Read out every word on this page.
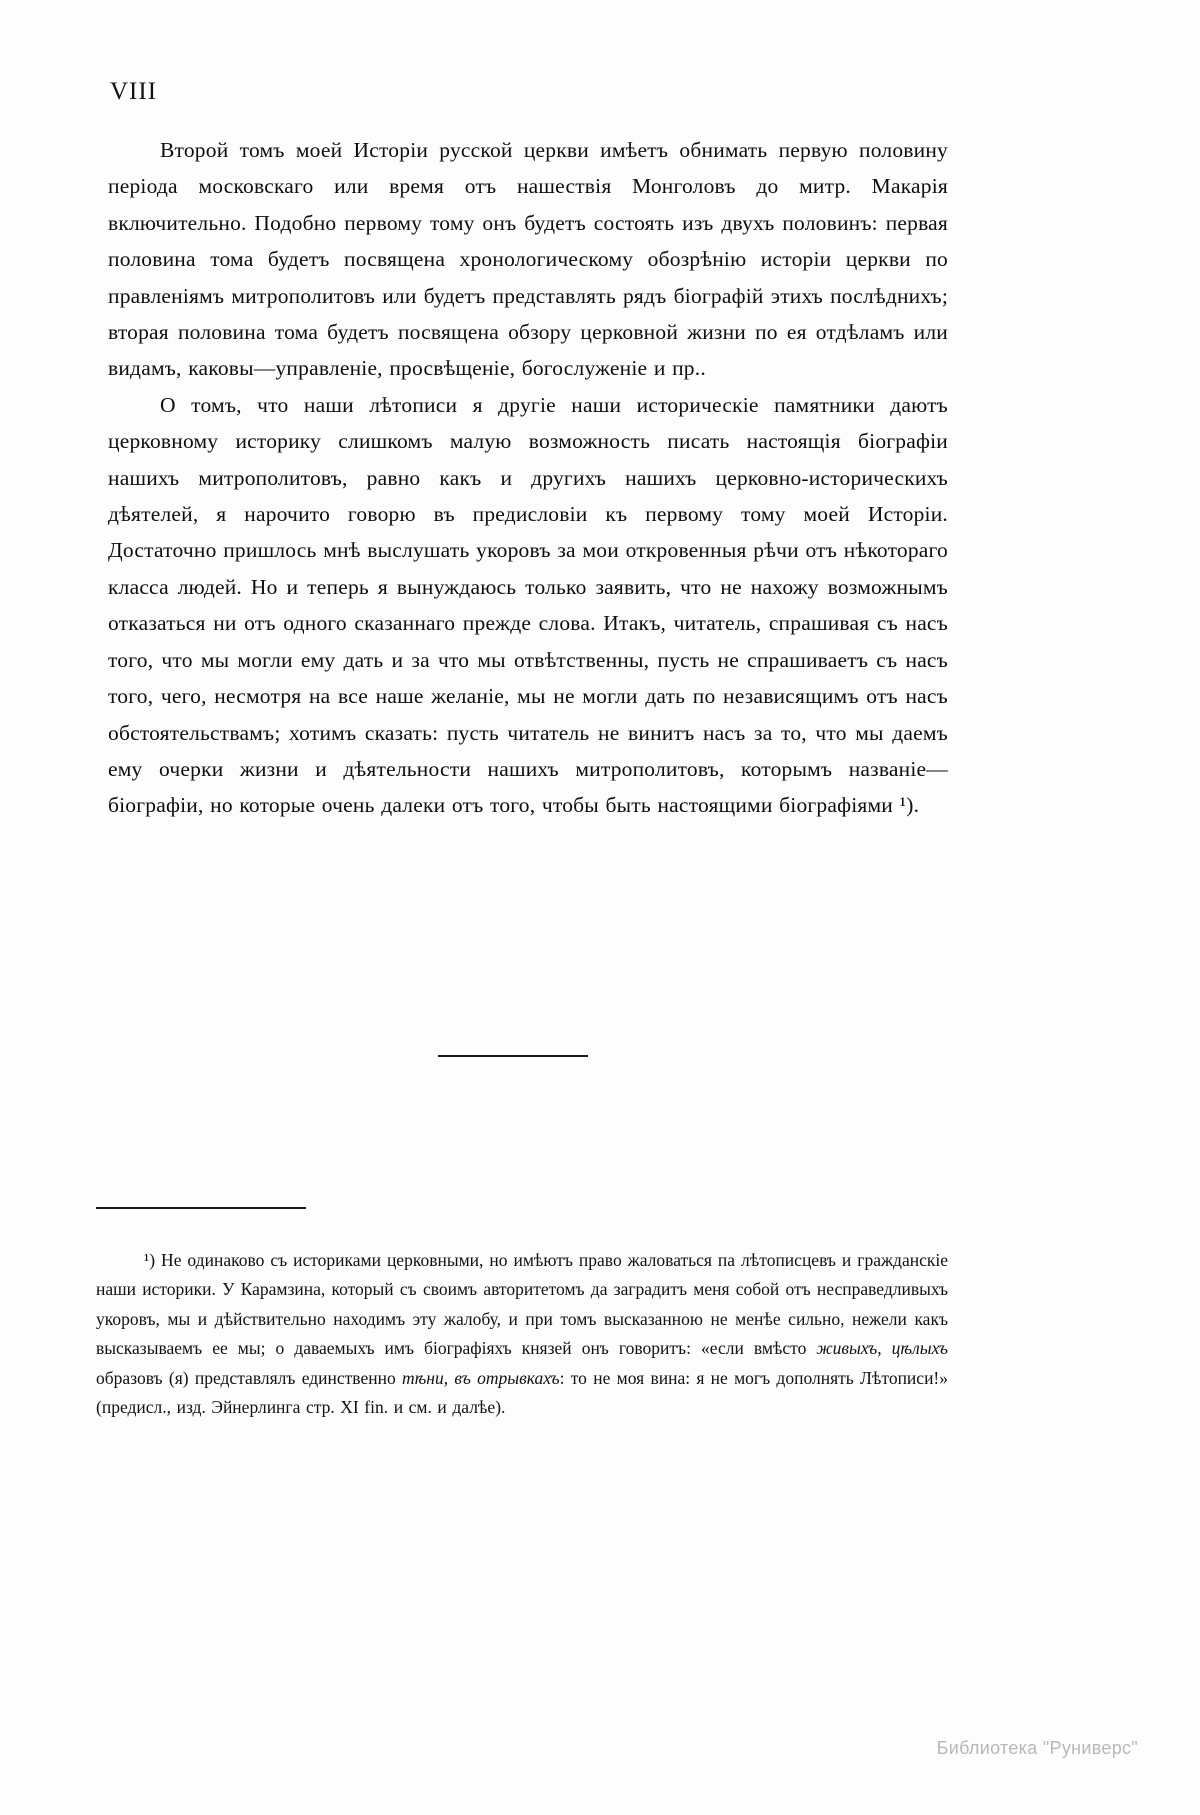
VIII

Второй томъ моей Исторіи русской церкви имѣетъ обнимать первую половину періода московскаго или время отъ нашествія Монголовъ до митр. Макарія включительно. Подобно первому тому онъ будетъ состоять изъ двухъ половинъ: первая половина тома будетъ посвящена хронологическому обозрѣнію исторіи церкви по правленіямъ митрополитовъ или будетъ представлять рядъ біографій этихъ послѣднихъ; вторая половина тома будетъ посвящена обзору церковной жизни по ея отдѣламъ или видамъ, каковы—управленіе, просвѣщеніе, богослуженіе и пр..

О томъ, что наши лѣтописи я другіе наши историческіе памятники даютъ церковному историку слишкомъ малую возможность писать настоящія біографіи нашихъ митрополитовъ, равно какъ и другихъ нашихъ церковно-историческихъ дѣятелей, я нарочито говорю въ предисловіи къ первому тому моей Исторіи. Достаточно пришлось мнѣ выслушать укоровъ за мои откровенныя рѣчи отъ нѣкотораго класса людей. Но и теперь я вынуждаюсь только заявить, что не нахожу возможнымъ отказаться ни отъ одного сказаннаго прежде слова. Итакъ, читатель, спрашивая съ насъ того, что мы могли ему дать и за что мы отвѣтственны, пусть не спрашиваетъ съ насъ того, чего, несмотря на все наше желаніе, мы не могли дать по независящимъ отъ насъ обстоятельствамъ; хотимъ сказать: пусть читатель не винитъ насъ за то, что мы даемъ ему очерки жизни и дѣятельности нашихъ митрополитовъ, которымъ названіе—біографіи, но которые очень далеки отъ того, чтобы быть настоящими біографіями ¹).

¹) Не одинаково съ историками церковными, но имѣютъ право жаловаться па лѣтописцевъ и гражданскіе наши историки. У Карамзина, который съ своимъ авторитетомъ да заградитъ меня собой отъ несправедливыхъ укоровъ, мы и дѣйствительно находимъ эту жалобу, и при томъ высказанною не менѣе сильно, нежели какъ высказываемъ ее мы; о даваемыхъ имъ біографіяхъ князей онъ говоритъ: «если вмѣсто живыхъ, цѣлыхъ образовъ (я) представлялъ единственно тѣни, въ отрывкахъ: то не моя вина: я не могъ дополнять Лѣтописи!» (предисл., изд. Эйнерлинга стр. XI fin. и см. и далѣе).

Библиотека "Руниверс"
